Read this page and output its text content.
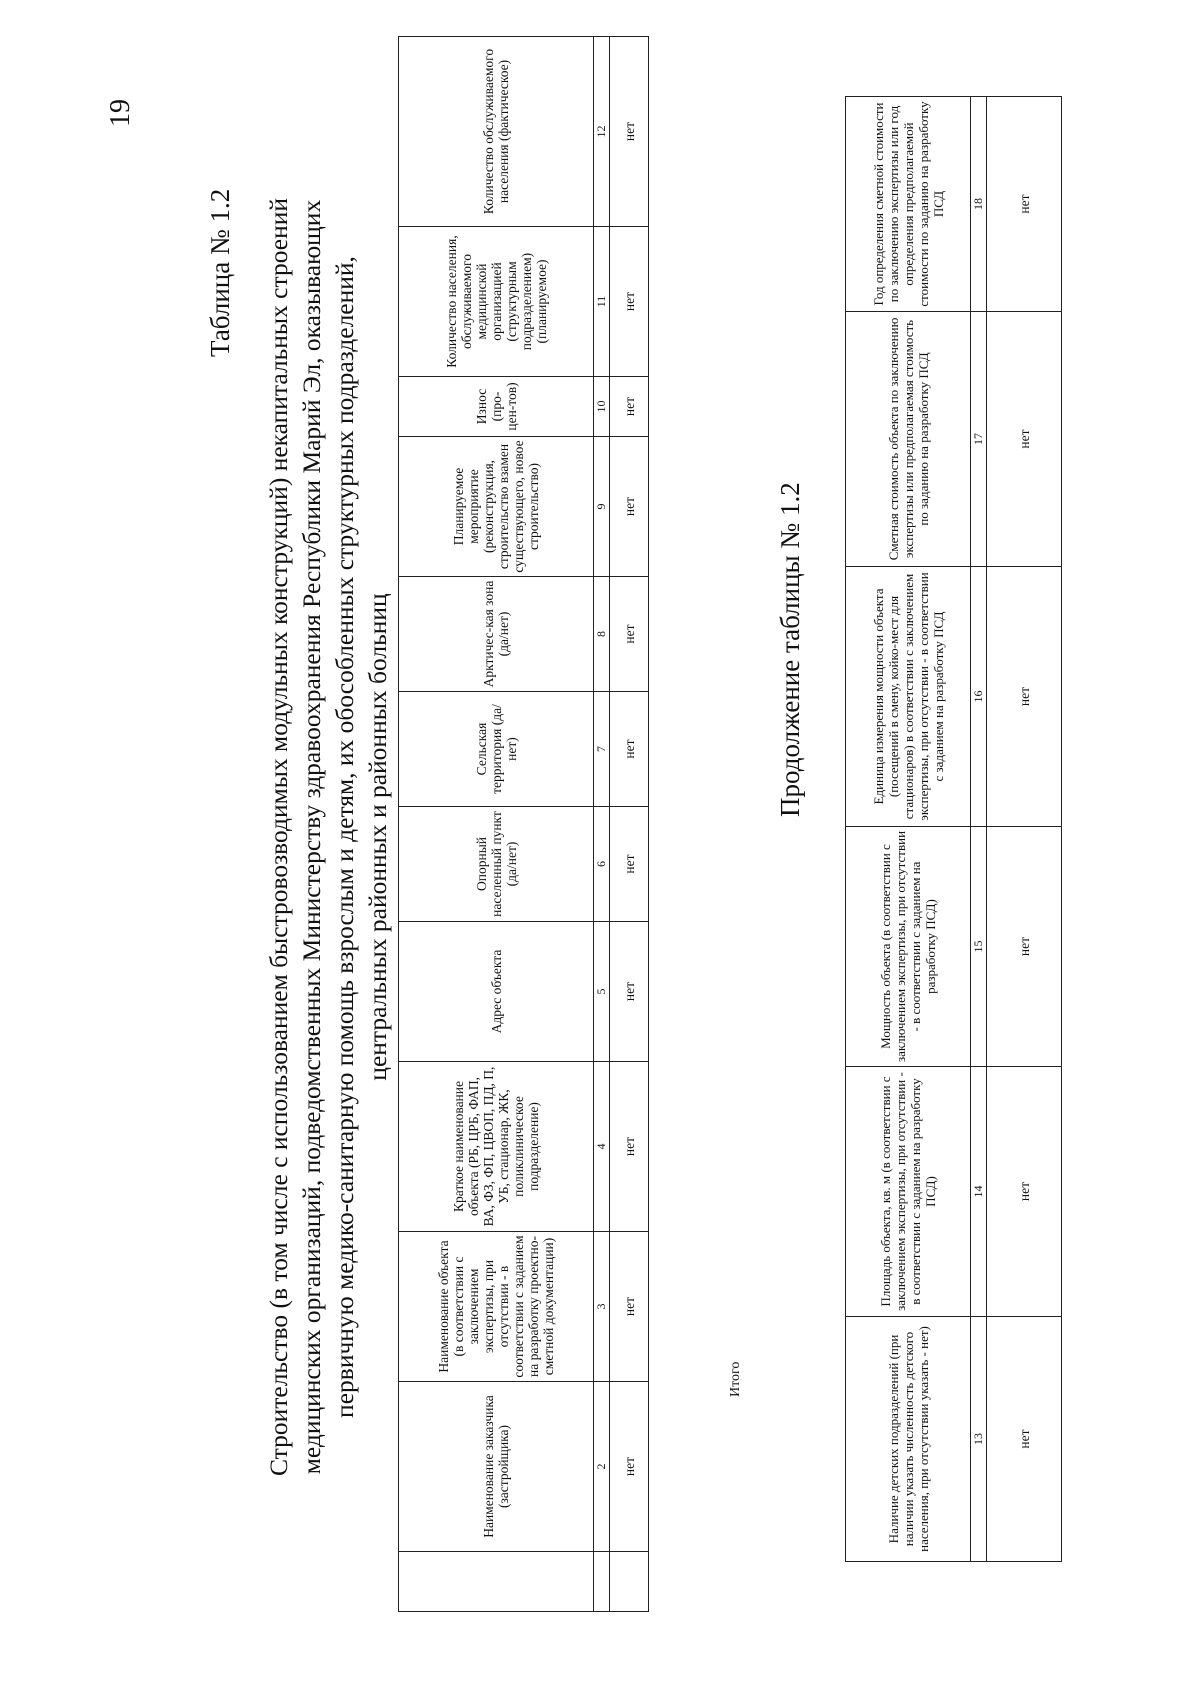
19
Таблица № 1.2 Строительство (в том числе с использованием быстровозводимых модульных конструкций) некапитальных строений медицинских организаций, подведомственных Министерству здравоохранения Республики Марий Эл, оказывающих первичную медико-санитарную помощь взрослым и детям, их обособленных структурных подразделений, центральных районных и районных больниц
	Наименование заказчика (застройщика)	Наименование объекта (в соответствии с заключением экспертизы, при отсутствии - в соответствии с заданием на разработку проектно-сметной документации)	Краткое наименование объекта (РБ, ЦРБ, ФАП, ВА, ФЗ, ФП, ЦВОП, ПД, П, УБ, стационар, ЖК, поликлиническое подразделение)	Адрес объекта	Опорный населенный пункт (да/нет)	Сельская территория (да/нет)	Арктичес-кая зона (да/нет)	Планируемое мероприятие (реконструкция, строительство взамен существующего, новое строительство)	Износ (про-цен-тов)	Количество населения, обслуживаемого медицинской организацией (структурным подразделением) (планируемое)	Количество обслуживаемого населения (фактическое)
	2	3	4	5	6	7	8	9	10	11	12
	нет	нет	нет	нет	нет	нет	нет	нет	нет	нет	нет
Итого
Продолжение таблицы № 1.2
Наличие детских подразделений (при наличии указать численность детского населения, при отсутствии указать - нет)	Площадь объекта, кв. м (в соответствии с заключением экспертизы, при отсутствии - в соответствии с заданием на разработку ПСД)	Мощность объекта (в соответствии с заключением экспертизы, при отсутствии - в соответствии с заданием на разработку ПСД)	Единица измерения мощности объекта (посещений в смену, койко-мест для стационаров) в соответствии с заключением экспертизы, при отсутствии - в соответствии с заданием на разработку ПСД	Сметная стоимость объекта по заключению экспертизы или предполагаемая стоимость по заданию на разработку ПСД	Год определения сметной стоимости по заключению экспертизы или год определения предполагаемой стоимости по заданию на разработку ПСД
13	14	15	16	17	18
нет	нет	нет	нет	нет	нет
